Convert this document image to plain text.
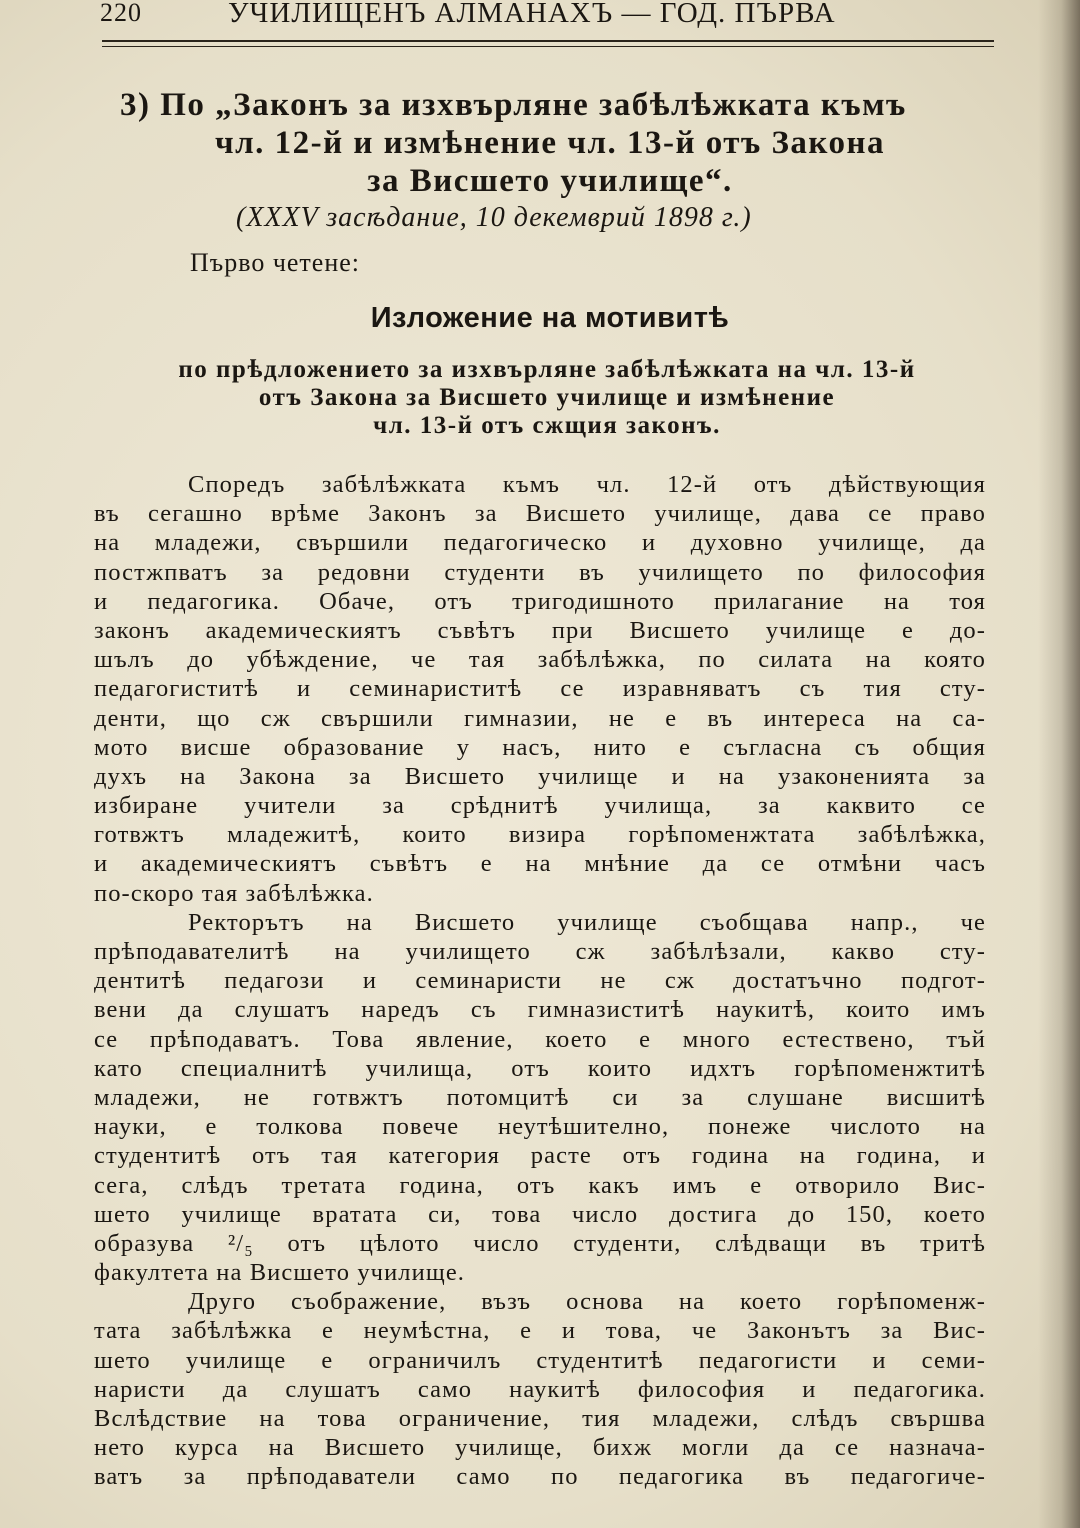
220	УЧИЛИЩЕНЪ АЛМАНАХЪ — ГОД. ПЪРВА
3) По „Законъ за изхвърляне забѣлѣжката къмъ
чл. 12-й и измѣнение чл. 13-й отъ Закона
за Висшето училище“.
(XXXV засѣдание, 10 декемврий 1898 г.)
Първо четене:
Изложение на мотивитѣ
по прѣдложението за изхвърляне забѣлѣжката на чл. 13-й
отъ Закона за Висшето училище и измѣнение
чл. 13-й отъ сжщия законъ.
Споредъ забѣлѣжката къмъ чл. 12-й отъ дѣйствующия
въ сегашно врѣме Законъ за Висшето училище, дава се право
на младежи, свършили педагогическо и духовно училище, да
постжпватъ за редовни студенти въ училището по философия
и педагогика. Обаче, отъ тригодишното прилагание на тоя
законъ академическиятъ съвѣтъ при Висшето училище е до-
шълъ до убѣждение, че тая забѣлѣжка, по силата на която
педагогиститѣ и семинариститѣ се изравняватъ съ тия сту-
денти, що сж свършили гимназии, не е въ интереса на са-
мото висше образование у насъ, нито е съгласна съ общия
духъ на Закона за Висшето училище и на узаконенията за
избиране учители за срѣднитѣ училища, за каквито се
готвжтъ младежитѣ, които визира горѣпоменжтата забѣлѣжка,
и академическиятъ съвѣтъ е на мнѣние да се отмѣни часъ
по-скоро тая забѣлѣжка.
Ректорътъ на Висшето училище съобщава напр., че
прѣподавателитѣ на училището сж забѣлѣзали, какво сту-
дентитѣ педагози и семинаристи не сж достатъчно подгот-
вени да слушатъ наредъ съ гимназиститѣ наукитѣ, които имъ
се прѣподаватъ. Това явление, което е много естествено, тъй
като специалнитѣ училища, отъ които идхтъ горѣпоменжтитѣ
младежи, не готвжтъ потомцитѣ си за слушане висшитѣ
науки, е толкова повече неутѣшително, понеже числото на
студентитѣ отъ тая категория расте отъ година на година, и
сега, слѣдъ третата година, отъ какъ имъ е отворило Вис-
шето училище вратата си, това число достига до 150, което
образува ²/₅ отъ цѣлото число студенти, слѣдващи въ тритѣ
факултета на Висшето училище.
Друго съображение, възъ основа на което горѣпоменж-
тата забѣлѣжка е неумѣстна, е и това, че Законътъ за Вис-
шето училище е ограничилъ студентитѣ педагогисти и семи-
наристи да слушатъ само наукитѣ философия и педагогика.
Вслѣдствие на това ограничение, тия младежи, слѣдъ свършва
нето курса на Висшето училище, бихж могли да се назнача-
ватъ за прѣподаватели само по педагогика въ педагогиче-
